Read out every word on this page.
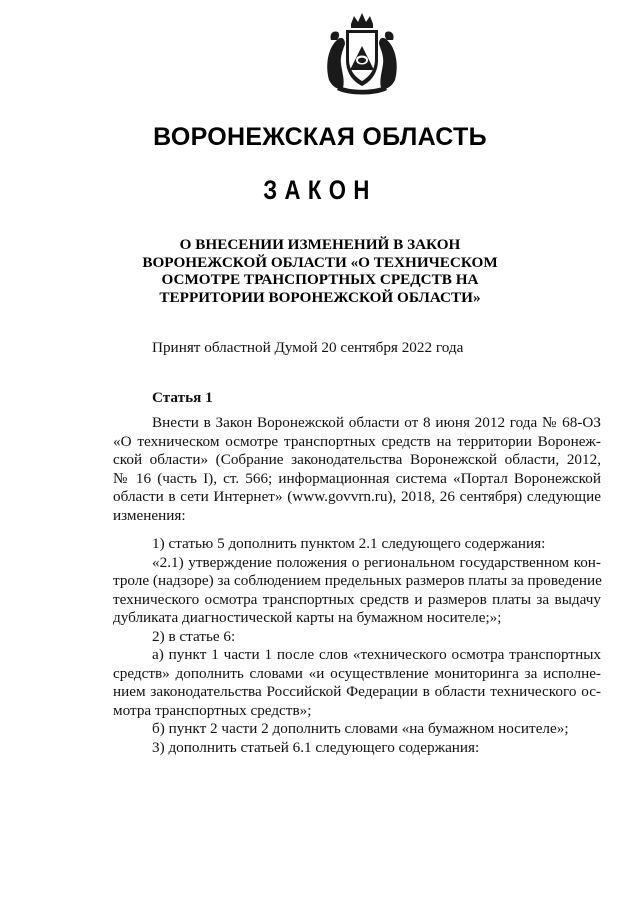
ВОРОНЕЖСКАЯ ОБЛАСТЬ
ЗАКОН
О ВНЕСЕНИИ ИЗМЕНЕНИЙ В ЗАКОН
ВОРОНЕЖСКОЙ ОБЛАСТИ «О ТЕХНИЧЕСКОМ
ОСМОТРЕ ТРАНСПОРТНЫХ СРЕДСТВ НА
ТЕРРИТОРИИ ВОРОНЕЖСКОЙ ОБЛАСТИ»
Принят областной Думой 20 сентября 2022 года
Статья 1
Внести в Закон Воронежской области от 8 июня 2012 года № 68-ОЗ
«О техническом осмотре транспортных средств на территории Воронеж-
ской области» (Собрание законодательства Воронежской области, 2012,
№ 16 (часть I), ст. 566; информационная система «Портал Воронежской
области в сети Интернет» (www.govvrn.ru), 2018, 26 сентября) следующие
изменения:
1) статью 5 дополнить пунктом 2.1 следующего содержания:
«2.1) утверждение положения о региональном государственном кон-
троле (надзоре) за соблюдением предельных размеров платы за проведение
технического осмотра транспортных средств и размеров платы за выдачу
дубликата диагностической карты на бумажном носителе;»;
2) в статье 6:
а) пункт 1 части 1 после слов «технического осмотра транспортных
средств» дополнить словами «и осуществление мониторинга за исполне-
нием законодательства Российской Федерации в области технического ос-
мотра транспортных средств»;
б) пункт 2 части 2 дополнить словами «на бумажном носителе»;
3) дополнить статьей 6.1 следующего содержания:
